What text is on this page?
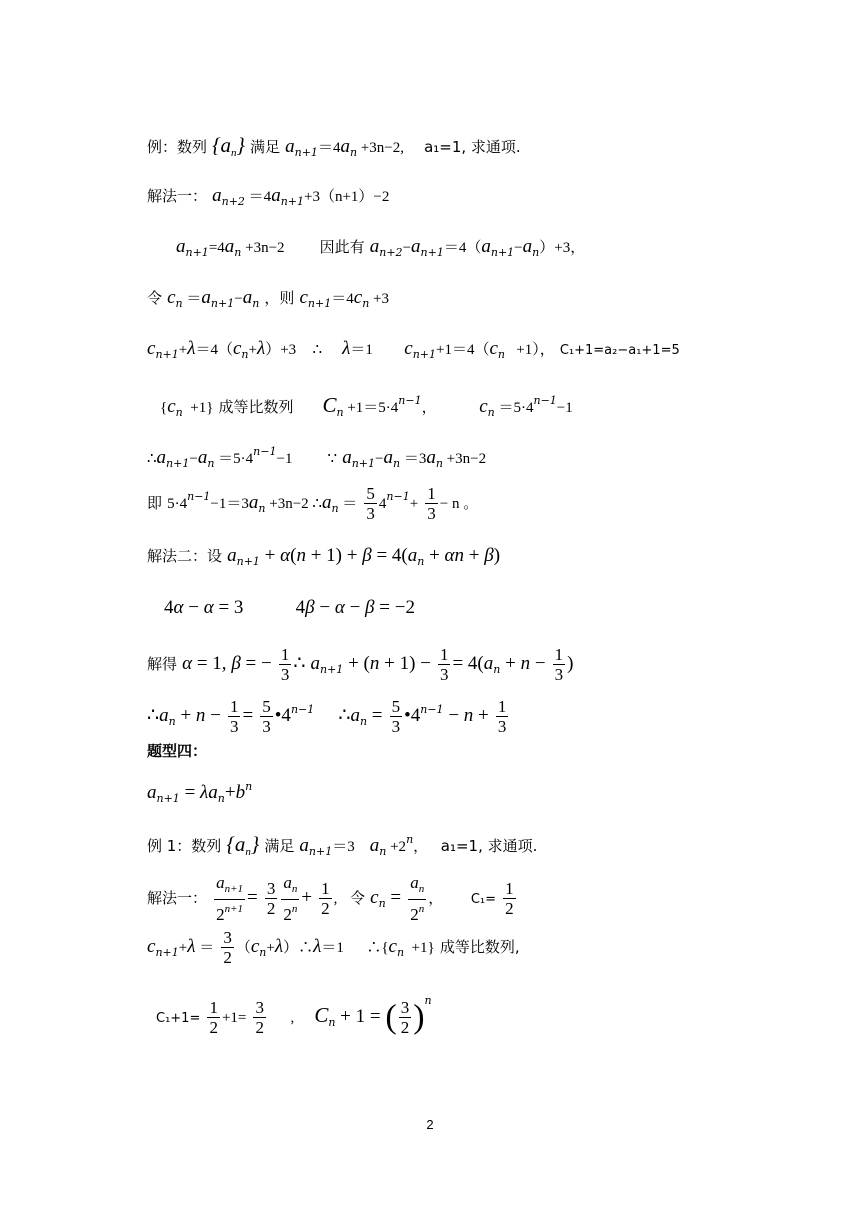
例：数列 $\{a_n\}$ 满足 $a_{n+1}=4a_n +3n-2$,     a₁=1, 求通项.
解法一： $a_{n+2} =4a_{n+1}+3(n+1)-2$
$a_{n+1}=4a_n +3n-2$         因此有 $a_{n+2}-a_{n+1}=4(a_{n+1}-a_n)+3$，
令 $c_n =a_{n+1}-a_n$ ，则 $c_{n+1}=4c_n +3$
$c_{n+1}+\lambda=4(c_n+\lambda)+3$    ∴ λ＝1        $c_{n+1}+1=4(c_n +1)$， C₁+1=a₂−a₁+1=5
$\{c_n +1\}$ 成等比数列 $C_n +1=5\cdot 4^{n-1}$，           $c_n =5\cdot 4^{n-1}-1$
$\therefore a_{n+1}-a_n =5\cdot 4^{n-1}-1$         ∵ $a_{n+1}-a_n =3a_n +3n-2$
即 $5\cdot 4^{n-1}-1=3a_n +3n-2$ $\therefore a_n = \frac{5}{3} 4^{n-1}+ \frac{1}{3} - n$ 。
解法二：设 $a_{n+1} + \alpha(n + 1) + \beta = 4(a_n + \alpha n + \beta)$
4α − α = 3           4β − α − β = −2
解得 α = 1, β = − $\frac{1}{3}$ ∴ $a_{n+1} + (n + 1) - \frac{1}{3} = 4(a_n + n - \frac{1}{3}$ )
$\therefore a_n + n - \frac{1}{3} = \frac{5}{3}$ $•4^{n-1}$     $\therefore a_n = \frac{5}{3}$ $•4^{n-1} - n + \frac{1}{3}$
题型四：
$a_{n+1} = \lambda a_n+b^n$
例 1：数列 $\{a_n\}$ 满足 $a_{n+1}=3$    $a_n +2^n$，   a₁=1, 求通项.
解法一： $\frac{a_{n+1}}{2^{n+1}} = \frac{3}{2} \frac{a_n}{2^n} + \frac{1}{2}$ ,   令 $c_n = \frac{a_n}{2^n}$ ，       $C_1= \frac{1}{2}$
$c_{n+1}+\lambda = \frac{3}{2}$ $(c_n+\lambda)\therefore\lambda=1$      $\therefore\{c_n +1\}$ 成等比数列,
$C_1+1= \frac{1}{2} +1= \frac{3}{2}$ ,     $C_n + 1$ = ( $\frac{3}{2} )^n$
2
